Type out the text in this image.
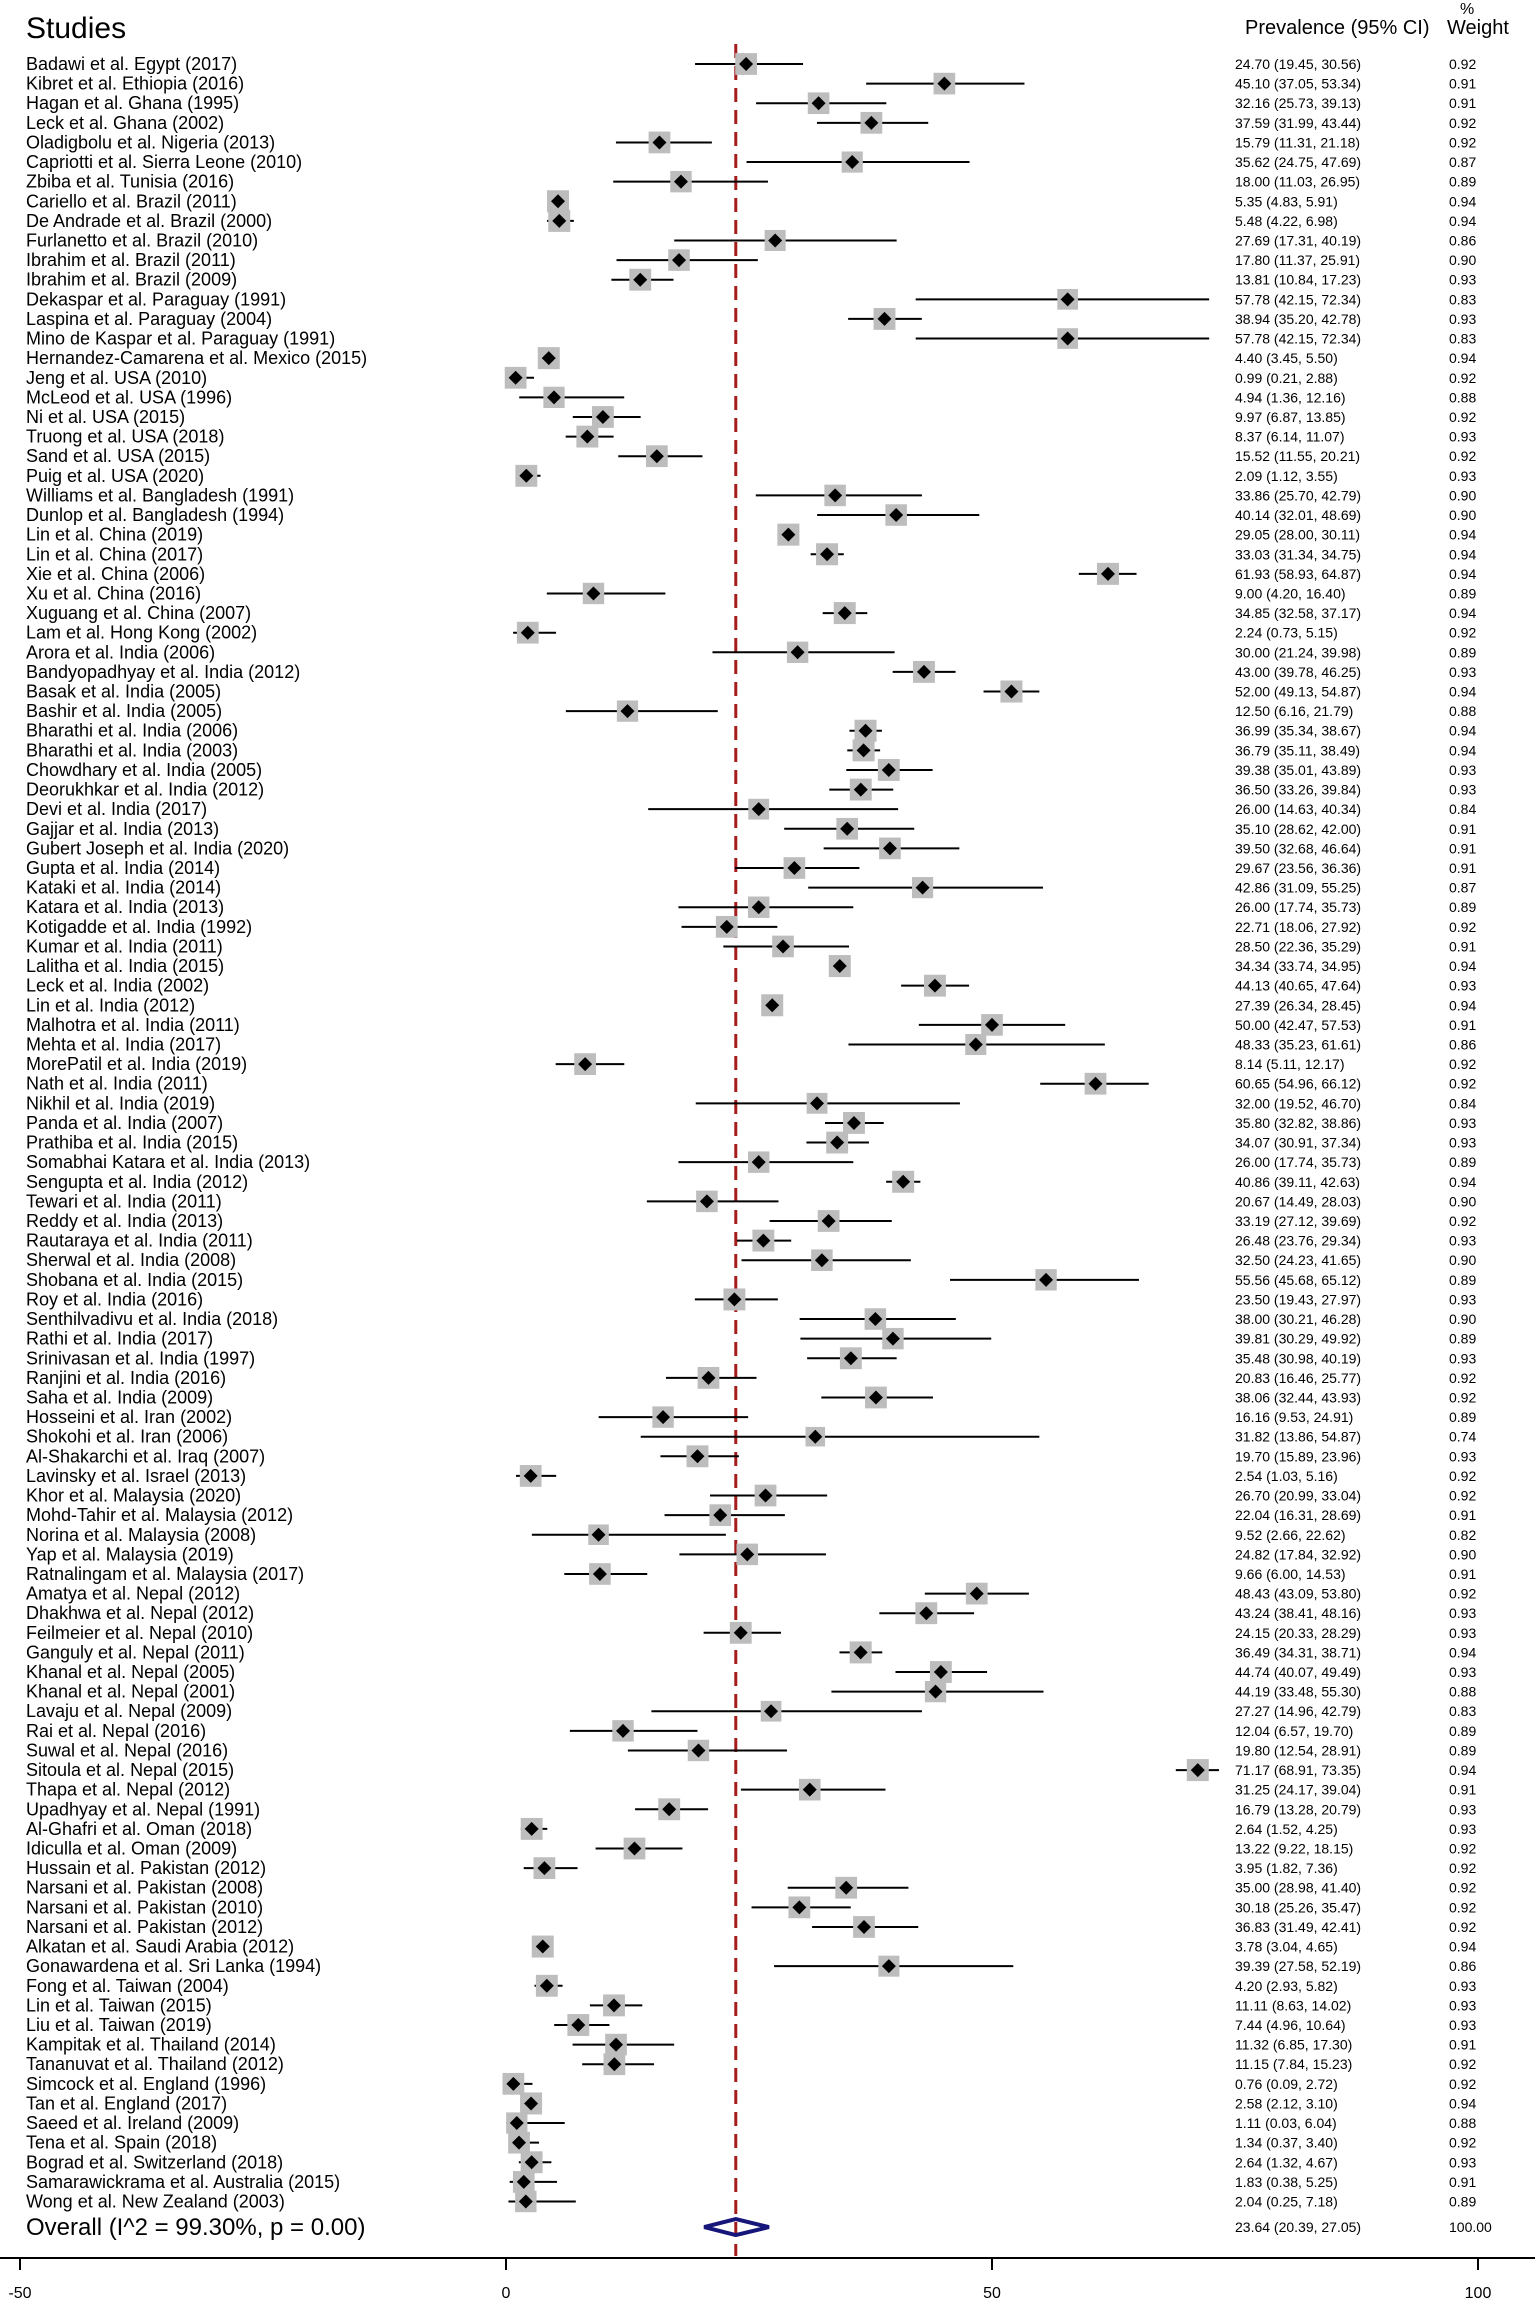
Studies	Prevalence (95% CI)
%
Weight
Badawi et al. Egypt (2017)	24.70 (19.45, 30.56)	0.92
Kibret et al. Ethiopia (2016)	45.10 (37.05, 53.34)	0.91
Hagan et al. Ghana (1995)	32.16 (25.73, 39.13)	0.91
Leck et al. Ghana (2002)	37.59 (31.99, 43.44)	0.92
Oladigbolu et al. Nigeria (2013)	15.79 (11.31, 21.18)	0.92
Capriotti et al. Sierra Leone (2010)	35.62 (24.75, 47.69)	0.87
Zbiba et al. Tunisia (2016)	18.00 (11.03, 26.95)	0.89
Cariello et al. Brazil (2011)	5.35 (4.83, 5.91)	0.94
De Andrade et al. Brazil (2000)	5.48 (4.22, 6.98)	0.94
Furlanetto et al. Brazil (2010)	27.69 (17.31, 40.19)	0.86
Ibrahim et al. Brazil (2011)	17.80 (11.37, 25.91)	0.90
Ibrahim et al. Brazil (2009)	13.81 (10.84, 17.23)	0.93
Dekaspar et al. Paraguay (1991)	57.78 (42.15, 72.34)	0.83
Laspina et al. Paraguay (2004)	38.94 (35.20, 42.78)	0.93
Mino de Kaspar et al. Paraguay (1991)	57.78 (42.15, 72.34)	0.83
Hernandez-Camarena et al. Mexico (2015)	4.40 (3.45, 5.50)	0.94
Jeng et al. USA (2010)	0.99 (0.21, 2.88)	0.92
McLeod et al. USA (1996)	4.94 (1.36, 12.16)	0.88
Ni et al. USA (2015)	9.97 (6.87, 13.85)	0.92
Truong et al. USA (2018)	8.37 (6.14, 11.07)	0.93
Sand et al. USA (2015)	15.52 (11.55, 20.21)	0.92
Puig et al. USA (2020)	2.09 (1.12, 3.55)	0.93
Williams et al. Bangladesh (1991)	33.86 (25.70, 42.79)	0.90
Dunlop et al. Bangladesh (1994)	40.14 (32.01, 48.69)	0.90
Lin et al. China (2019)	29.05 (28.00, 30.11)	0.94
Lin et al. China (2017)	33.03 (31.34, 34.75)	0.94
Xie et al. China (2006)	61.93 (58.93, 64.87)	0.94
Xu et al. China (2016)	9.00 (4.20, 16.40)	0.89
Xuguang et al. China (2007)	34.85 (32.58, 37.17)	0.94
Lam et al. Hong Kong (2002)	2.24 (0.73, 5.15)	0.92
Arora et al. India (2006)	30.00 (21.24, 39.98)	0.89
Bandyopadhyay et al. India (2012)	43.00 (39.78, 46.25)	0.93
Basak et al. India (2005)	52.00 (49.13, 54.87)	0.94
Bashir et al. India (2005)	12.50 (6.16, 21.79)	0.88
Bharathi et al. India (2006)	36.99 (35.34, 38.67)	0.94
Bharathi et al. India (2003)	36.79 (35.11, 38.49)	0.94
Chowdhary et al. India (2005)	39.38 (35.01, 43.89)	0.93
Deorukhkar et al. India (2012)	36.50 (33.26, 39.84)	0.93
Devi et al. India (2017)	26.00 (14.63, 40.34)	0.84
Gajjar et al. India (2013)	35.10 (28.62, 42.00)	0.91
Gubert Joseph et al. India (2020)	39.50 (32.68, 46.64)	0.91
Gupta et al. India (2014)	29.67 (23.56, 36.36)	0.91
Kataki et al. India (2014)	42.86 (31.09, 55.25)	0.87
Katara et al. India (2013)	26.00 (17.74, 35.73)	0.89
Kotigadde et al. India (1992)	22.71 (18.06, 27.92)	0.92
Kumar et al. India (2011)	28.50 (22.36, 35.29)	0.91
Lalitha et al. India (2015)	34.34 (33.74, 34.95)	0.94
Leck et al. India (2002)	44.13 (40.65, 47.64)	0.93
Lin et al. India (2012)	27.39 (26.34, 28.45)	0.94
Malhotra et al. India (2011)	50.00 (42.47, 57.53)	0.91
Mehta et al. India (2017)	48.33 (35.23, 61.61)	0.86
MorePatil et al. India (2019)	8.14 (5.11, 12.17)	0.92
Nath et al. India (2011)	60.65 (54.96, 66.12)	0.92
Nikhil et al. India (2019)	32.00 (19.52, 46.70)	0.84
Panda et al. India (2007)	35.80 (32.82, 38.86)	0.93
Prathiba et al. India (2015)	34.07 (30.91, 37.34)	0.93
Somabhai Katara et al. India (2013)	26.00 (17.74, 35.73)	0.89
Sengupta et al. India (2012)	40.86 (39.11, 42.63)	0.94
Tewari et al. India (2011)	20.67 (14.49, 28.03)	0.90
Reddy et al. India (2013)	33.19 (27.12, 39.69)	0.92
Rautaraya et al. India (2011)	26.48 (23.76, 29.34)	0.93
Sherwal et al. India (2008)	32.50 (24.23, 41.65)	0.90
Shobana et al. India (2015)	55.56 (45.68, 65.12)	0.89
Roy et al. India (2016)	23.50 (19.43, 27.97)	0.93
Senthilvadivu et al. India (2018)	38.00 (30.21, 46.28)	0.90
Rathi et al. India (2017)	39.81 (30.29, 49.92)	0.89
Srinivasan et al. India (1997)	35.48 (30.98, 40.19)	0.93
Ranjini et al. India (2016)	20.83 (16.46, 25.77)	0.92
Saha et al. India (2009)	38.06 (32.44, 43.93)	0.92
Hosseini et al. Iran (2002)	16.16 (9.53, 24.91)	0.89
Shokohi et al. Iran (2006)	31.82 (13.86, 54.87)	0.74
Al-Shakarchi et al. Iraq (2007)	19.70 (15.89, 23.96)	0.93
Lavinsky et al. Israel (2013)	2.54 (1.03, 5.16)	0.92
Khor et al. Malaysia (2020)	26.70 (20.99, 33.04)	0.92
Mohd-Tahir et al. Malaysia (2012)	22.04 (16.31, 28.69)	0.91
Norina et al. Malaysia (2008)	9.52 (2.66, 22.62)	0.82
Yap et al. Malaysia (2019)	24.82 (17.84, 32.92)	0.90
Ratnalingam et al. Malaysia (2017)	9.66 (6.00, 14.53)	0.91
Amatya et al. Nepal (2012)	48.43 (43.09, 53.80)	0.92
Dhakhwa et al. Nepal (2012)	43.24 (38.41, 48.16)	0.93
Feilmeier et al. Nepal (2010)	24.15 (20.33, 28.29)	0.93
Ganguly et al. Nepal (2011)	36.49 (34.31, 38.71)	0.94
Khanal et al. Nepal (2005)	44.74 (40.07, 49.49)	0.93
Khanal et al. Nepal (2001)	44.19 (33.48, 55.30)	0.88
Lavaju et al. Nepal (2009)	27.27 (14.96, 42.79)	0.83
Rai et al. Nepal (2016)	12.04 (6.57, 19.70)	0.89
Suwal et al. Nepal (2016)	19.80 (12.54, 28.91)	0.89
Sitoula et al. Nepal (2015)	71.17 (68.91, 73.35)	0.94
Thapa et al. Nepal (2012)	31.25 (24.17, 39.04)	0.91
Upadhyay et al. Nepal (1991)	16.79 (13.28, 20.79)	0.93
Al-Ghafri et al. Oman (2018)	2.64 (1.52, 4.25)	0.93
Idiculla et al. Oman (2009)	13.22 (9.22, 18.15)	0.92
Hussain et al. Pakistan (2012)	3.95 (1.82, 7.36)	0.92
Narsani et al. Pakistan (2008)	35.00 (28.98, 41.40)	0.92
Narsani et al. Pakistan (2010)	30.18 (25.26, 35.47)	0.92
Narsani et al. Pakistan (2012)	36.83 (31.49, 42.41)	0.92
Alkatan et al. Saudi Arabia (2012)	3.78 (3.04, 4.65)	0.94
Gonawardena et al. Sri Lanka (1994)	39.39 (27.58, 52.19)	0.86
Fong et al. Taiwan (2004)	4.20 (2.93, 5.82)	0.93
Lin et al. Taiwan (2015)	11.11 (8.63, 14.02)	0.93
Liu et al. Taiwan (2019)	7.44 (4.96, 10.64)	0.93
Kampitak et al. Thailand (2014)	11.32 (6.85, 17.30)	0.91
Tananuvat et al. Thailand (2012)	11.15 (7.84, 15.23)	0.92
Simcock et al. England (1996)	0.76 (0.09, 2.72)	0.92
Tan et al. England (2017)	2.58 (2.12, 3.10)	0.94
Saeed et al. Ireland (2009)	1.11 (0.03, 6.04)	0.88
Tena et al. Spain (2018)	1.34 (0.37, 3.40)	0.92
Bograd et al. Switzerland (2018)	2.64 (1.32, 4.67)	0.93
Samarawickrama et al. Australia (2015)	1.83 (0.38, 5.25)	0.91
Wong et al. New Zealand (2003)	2.04 (0.25, 7.18)	0.89
Overall (I^2 = 99.30%, p = 0.00)	23.64 (20.39, 27.05)	100.00
-50	0	50	100
